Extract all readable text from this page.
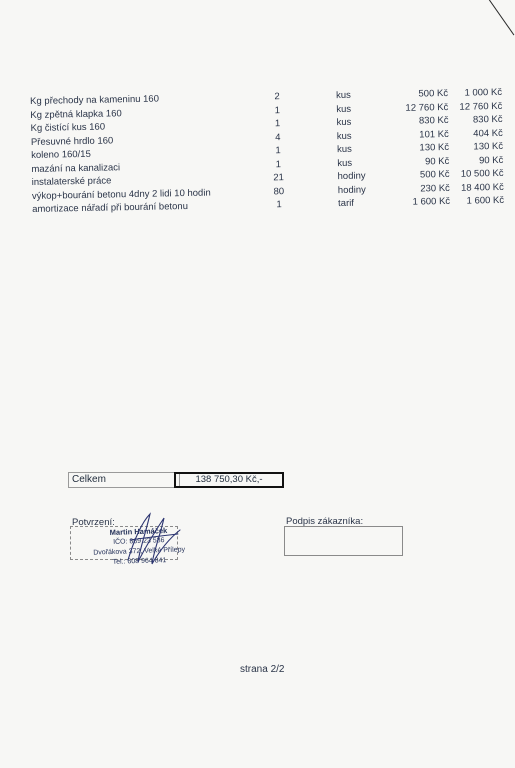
Kg přechody na kameninu 160	2	kus	500 Kč	1 000 Kč
Kg zpětná klapka 160	1	kus	12 760 Kč	12 760 Kč
Kg čistící kus 160	1	kus	830 Kč	830 Kč
Přesuvné hrdlo 160	4	kus	101 Kč	404 Kč
koleno 160/15	1	kus	130 Kč	130 Kč
mazání na kanalizaci	1	kus	90 Kč	90 Kč
instalaterské práce	21	hodiny	500 Kč	10 500 Kč
výkop+bourání betonu 4dny 2 lidi 10 hodin	80	hodiny	230 Kč	18 400 Kč
amortizace nářadí při bourání betonu	1	tarif	1 600 Kč	1 600 Kč
Celkem	138 750,30 Kč,-
Potvrzení:
Martin Hamáček
IČO: 869 23 586
Dvořákova 372, Velké Přílepy
Tel.: 608 964 841
Podpis zákazníka:
strana 2/2
